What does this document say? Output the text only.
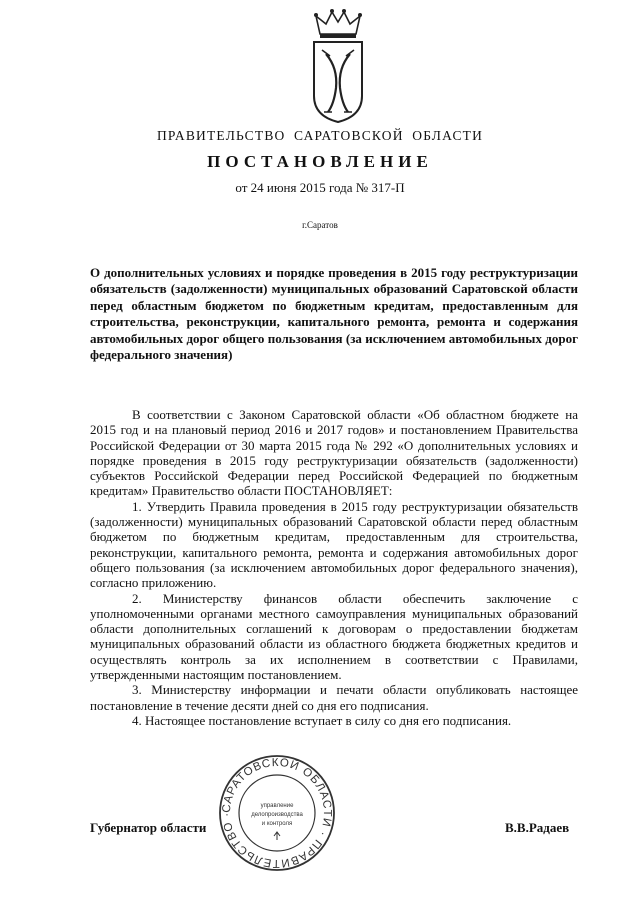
ПРАВИТЕЛЬСТВО САРАТОВСКОЙ ОБЛАСТИ
ПОСТАНОВЛЕНИЕ
от 24 июня 2015 года № 317-П
г.Саратов
О дополнительных условиях и порядке проведения в 2015 году реструктуризации обязательств (задолженности) муниципальных образований Саратовской области перед областным бюджетом по бюджетным кредитам, предоставленным для строительства, реконструкции, капитального ремонта, ремонта и содержания автомобильных дорог общего пользования (за исключением автомобильных дорог федерального значения)

В соответствии с Законом Саратовской области «Об областном бюджете на 2015 год и на плановый период 2016 и 2017 годов» и постановлением Правительства Российской Федерации от 30 марта 2015 года № 292 «О дополнительных условиях и порядке проведения в 2015 году реструктуризации обязательств (задолженности) субъектов Российской Федерации перед Российской Федерацией по бюджетным кредитам» Правительство области ПОСТАНОВЛЯЕТ:

1. Утвердить Правила проведения в 2015 году реструктуризации обязательств (задолженности) муниципальных образований Саратовской области перед областным бюджетом по бюджетным кредитам, предоставленным для строительства, реконструкции, капитального ремонта, ремонта и содержания автомобильных дорог общего пользования (за исключением автомобильных дорог федерального значения), согласно приложению.

2. Министерству финансов области обеспечить заключение с уполномоченными органами местного самоуправления муниципальных образований области дополнительных соглашений к договорам о предоставлении бюджетам муниципальных образований области из областного бюджета бюджетных кредитов и осуществлять контроль за их исполнением в соответствии с Правилами, утвержденными настоящим постановлением.

3. Министерству информации и печати области опубликовать настоящее постановление в течение десяти дней со дня его подписания.

4. Настоящее постановление вступает в силу со дня его подписания.

САРАТОВСКОЙ ОБЛАСТИ · ПРАВИТЕЛЬСТВО ·
управление
делопроизводства
и контроля
Губернатор области	В.В.Радаев
